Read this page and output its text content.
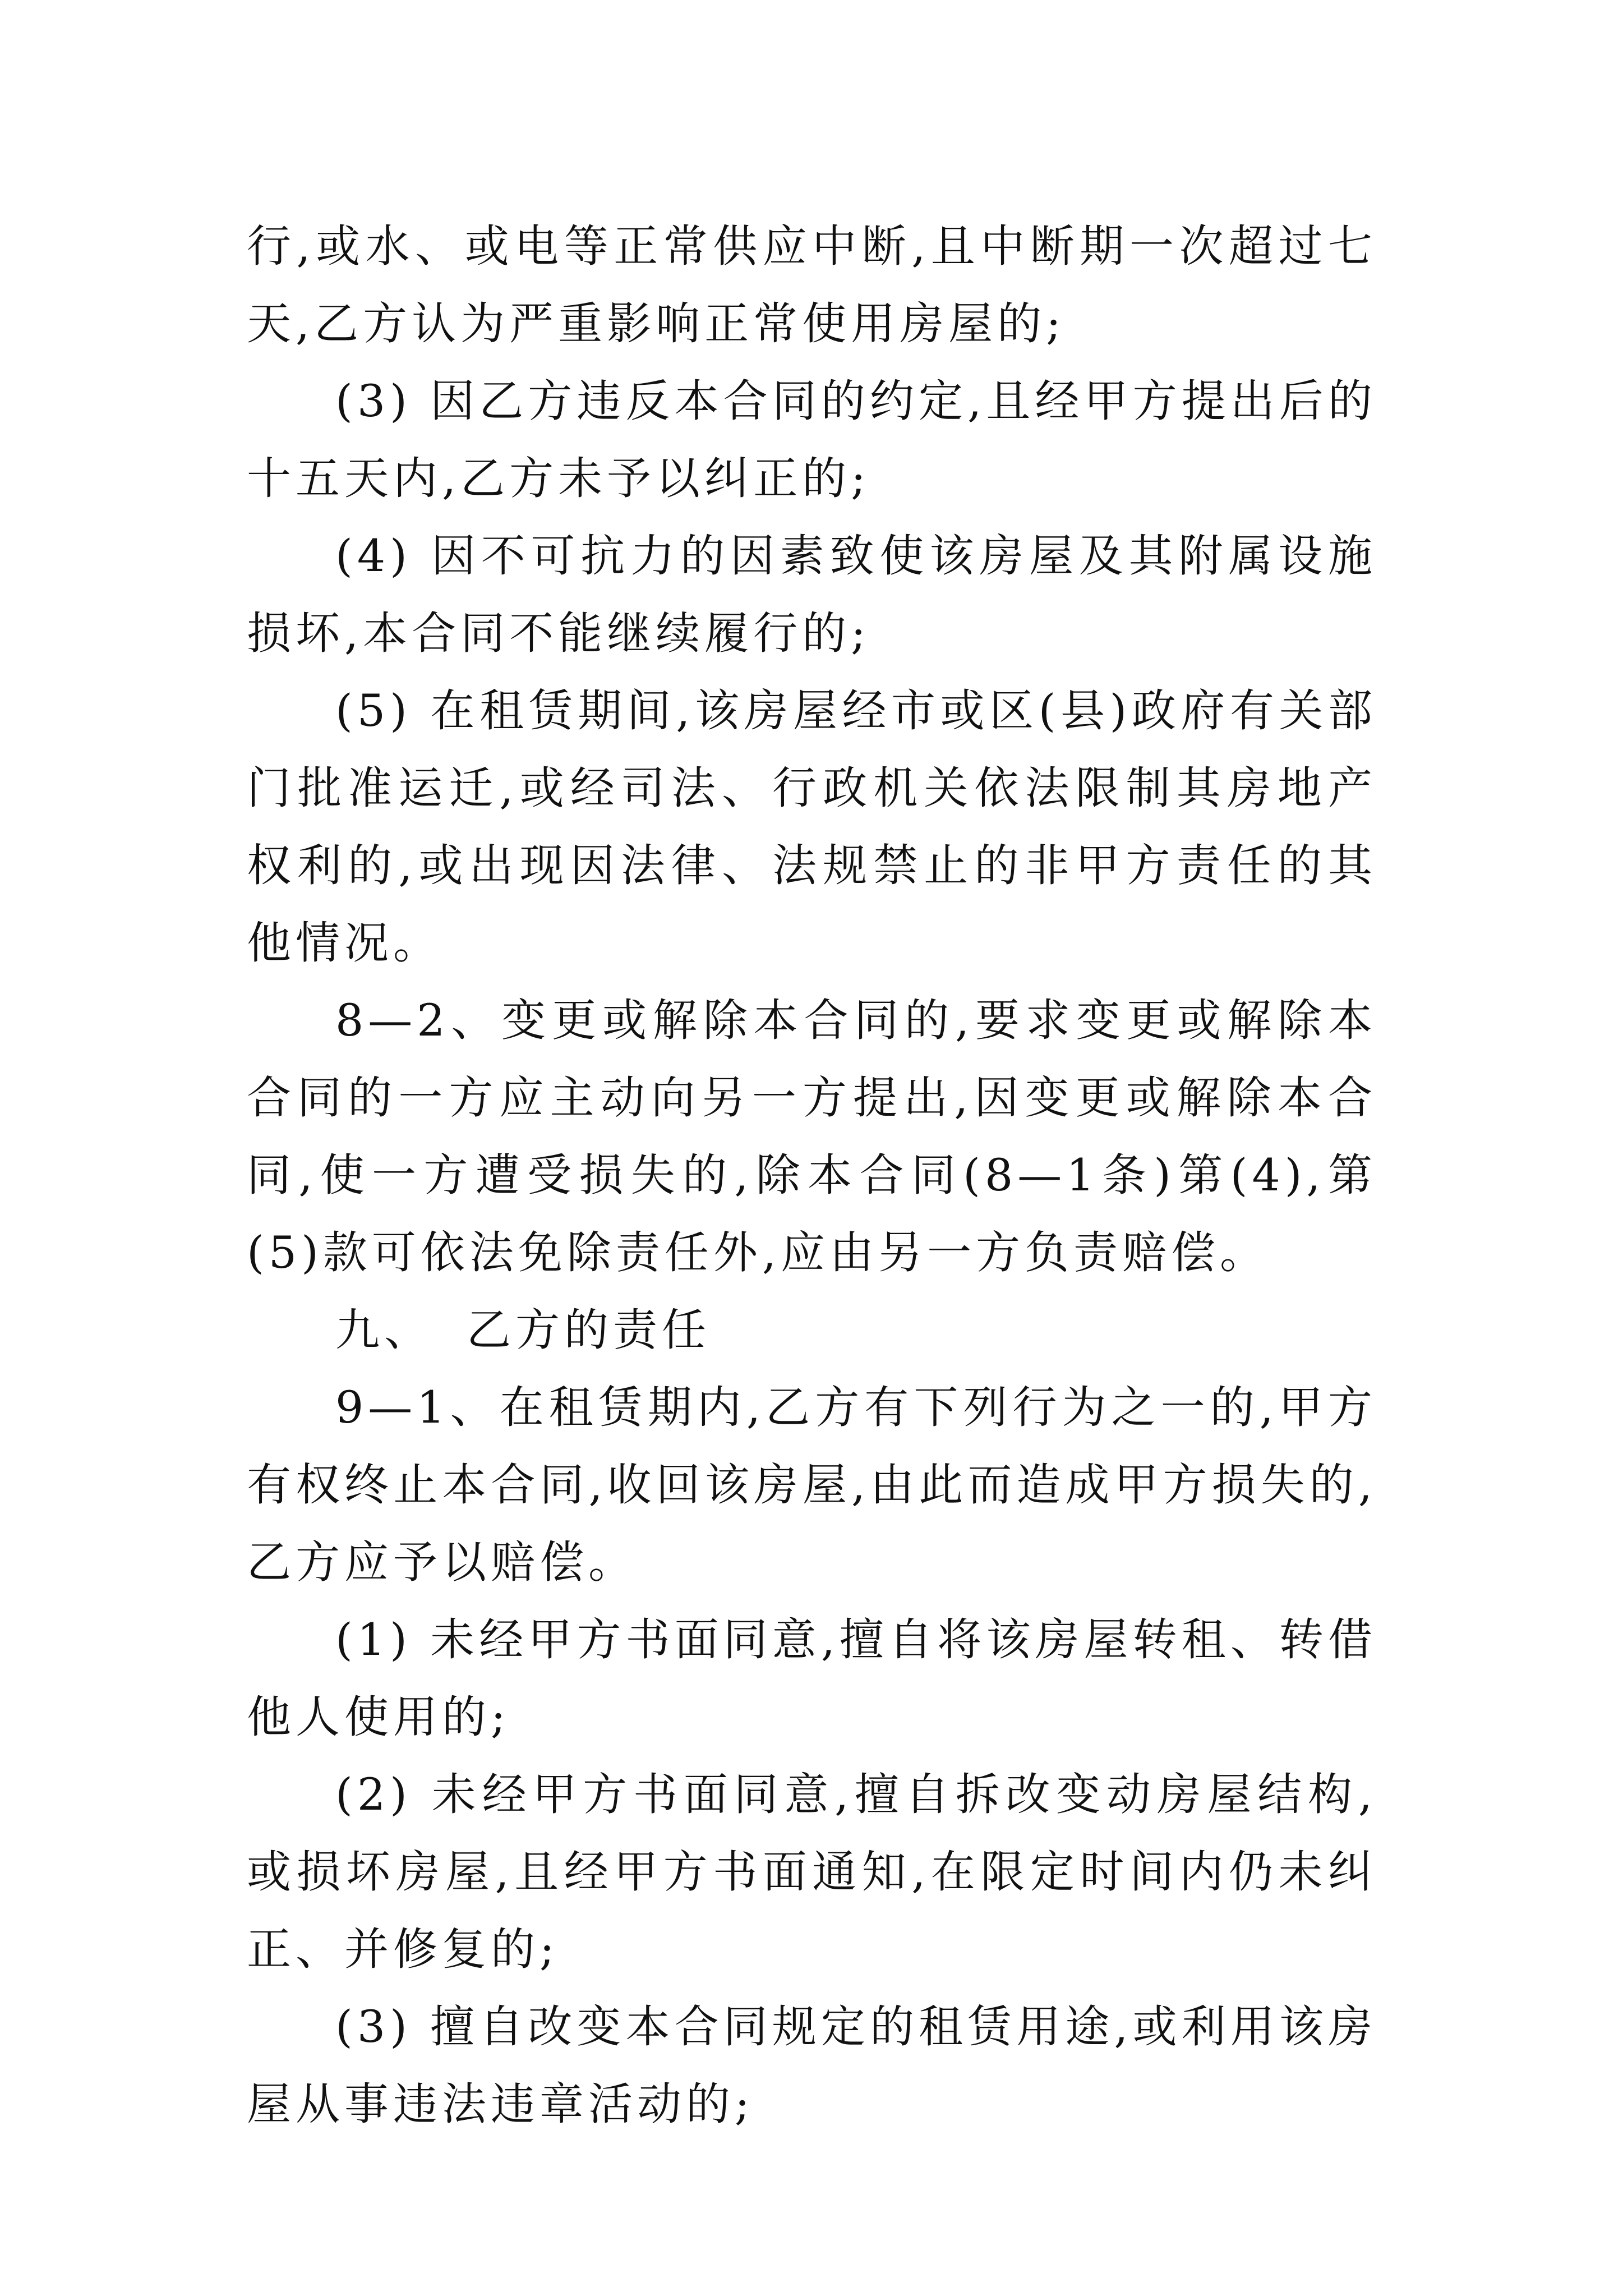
行,或水、或电等正常供应中断,且中断期一次超过七天,乙方认为严重影响正常使用房屋的;

(3) 因乙方违反本合同的约定,且经甲方提出后的十五天内,乙方未予以纠正的;

(4) 因不可抗力的因素致使该房屋及其附属设施损坏,本合同不能继续履行的;

(5) 在租赁期间,该房屋经市或区(县)政府有关部门批准运迁,或经司法、行政机关依法限制其房地产权利的,或出现因法律、法规禁止的非甲方责任的其他情况。

8—2、变更或解除本合同的,要求变更或解除本合同的一方应主动向另一方提出,因变更或解除本合同,使一方遭受损失的,除本合同(8—1条)第(4),第(5)款可依法免除责任外,应由另一方负责赔偿。

九、 乙方的责任

9—1、在租赁期内,乙方有下列行为之一的,甲方有权终止本合同,收回该房屋,由此而造成甲方损失的,乙方应予以赔偿。

(1) 未经甲方书面同意,擅自将该房屋转租、转借他人使用的;

(2) 未经甲方书面同意,擅自拆改变动房屋结构,或损坏房屋,且经甲方书面通知,在限定时间内仍未纠正、并修复的;

(3) 擅自改变本合同规定的租赁用途,或利用该房屋从事违法违章活动的;
